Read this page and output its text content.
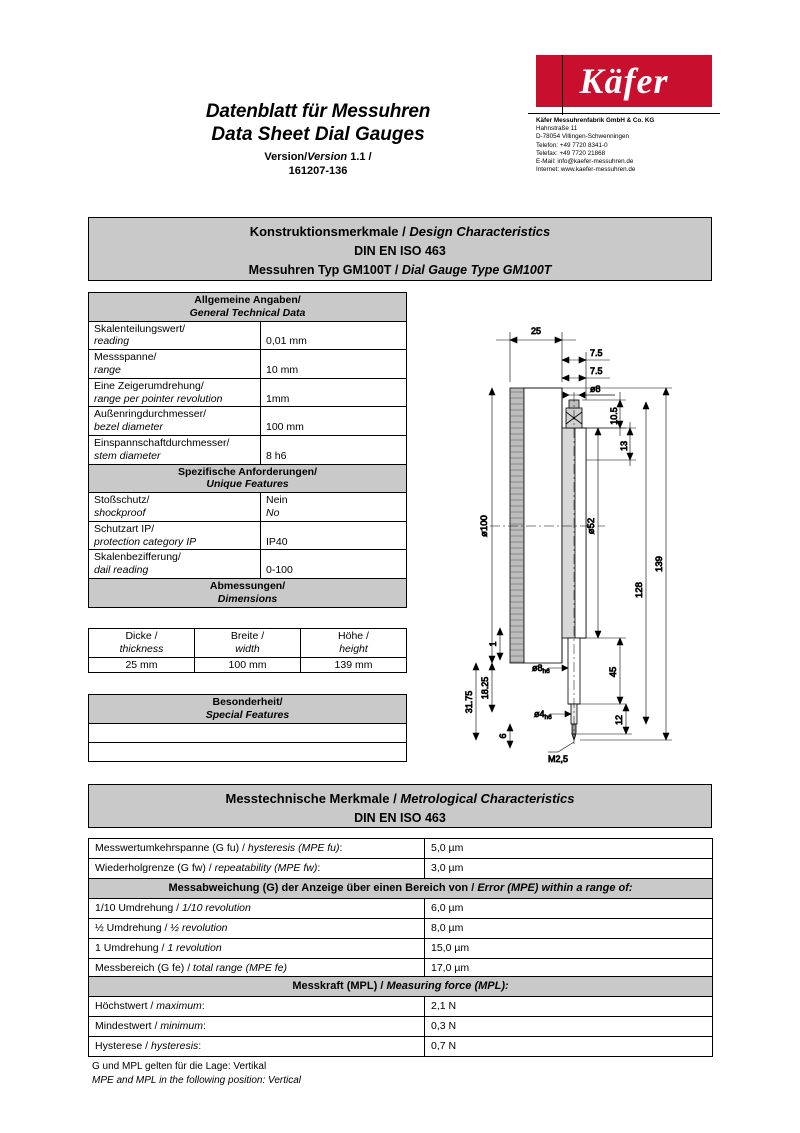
Datenblatt für Messuhren
Data Sheet Dial Gauges
Version/Version 1.1 /
161207-136
Käfer
Käfer Messuhrenfabrik GmbH & Co. KG
Hahnstraße 11
D-78054 Villingen-Schwenningen
Telefon: +49 7720 8341-0
Telefax: +49 7720 21868
E-Mail: info@kaefer-messuhren.de
Internet: www.kaefer-messuhren.de
Konstruktionsmerkmale / Design Characteristics
DIN EN ISO 463
Messuhren Typ GM100T / Dial Gauge Type GM100T
Allgemeine Angaben/
General Technical Data	
Skalenteilungswert/
reading	0,01 mm
Messspanne/
range	10 mm
Eine Zeigerumdrehung/
range per pointer revolution	1mm
Außenringdurchmesser/
bezel diameter	100 mm
Einspannschaftdurchmesser/
stem diameter	8 h6
Spezifische Anforderungen/
Unique Features	
Stoßschutz/
shockproof	Nein
No
Schutzart IP/
protection category IP	IP40
Skalenbezifferung/
dail reading	0-100
Abmessungen/
Dimensions	
Dicke /
thickness	Breite /
width	Höhe /
height
25 mm	100 mm	139 mm
Besonderheit/
Special Features

25
7.5
7.5
ø8
10.5
13
ø100	ø52
139
128
45
1
12
31.75
18.25
6
$ø8_{h6}$
$ø4_{h6}$
M2,5
Messtechnische Merkmale / Metrological Characteristics
DIN EN ISO 463
Messwertumkehrspanne (G fu) / hysteresis (MPE fu):	5,0 µm
Wiederholgrenze (G fw) / repeatability (MPE fw):	3,0 µm
Messabweichung (G) der Anzeige über einen Bereich von / Error (MPE) within a range of:	
1/10 Umdrehung / 1/10 revolution	6,0 µm
½ Umdrehung / ½ revolution	8,0 µm
1 Umdrehung / 1 revolution	15,0 µm
Messbereich (G fe) / total range (MPE fe)	17,0 µm
Messkraft (MPL) / Measuring force (MPL):	
Höchstwert / maximum:	2,1 N
Mindestwert / minimum:	0,3 N
Hysterese / hysteresis:	0,7 N
G und MPL gelten für die Lage: Vertikal
MPE and MPL in the following position: Vertical
